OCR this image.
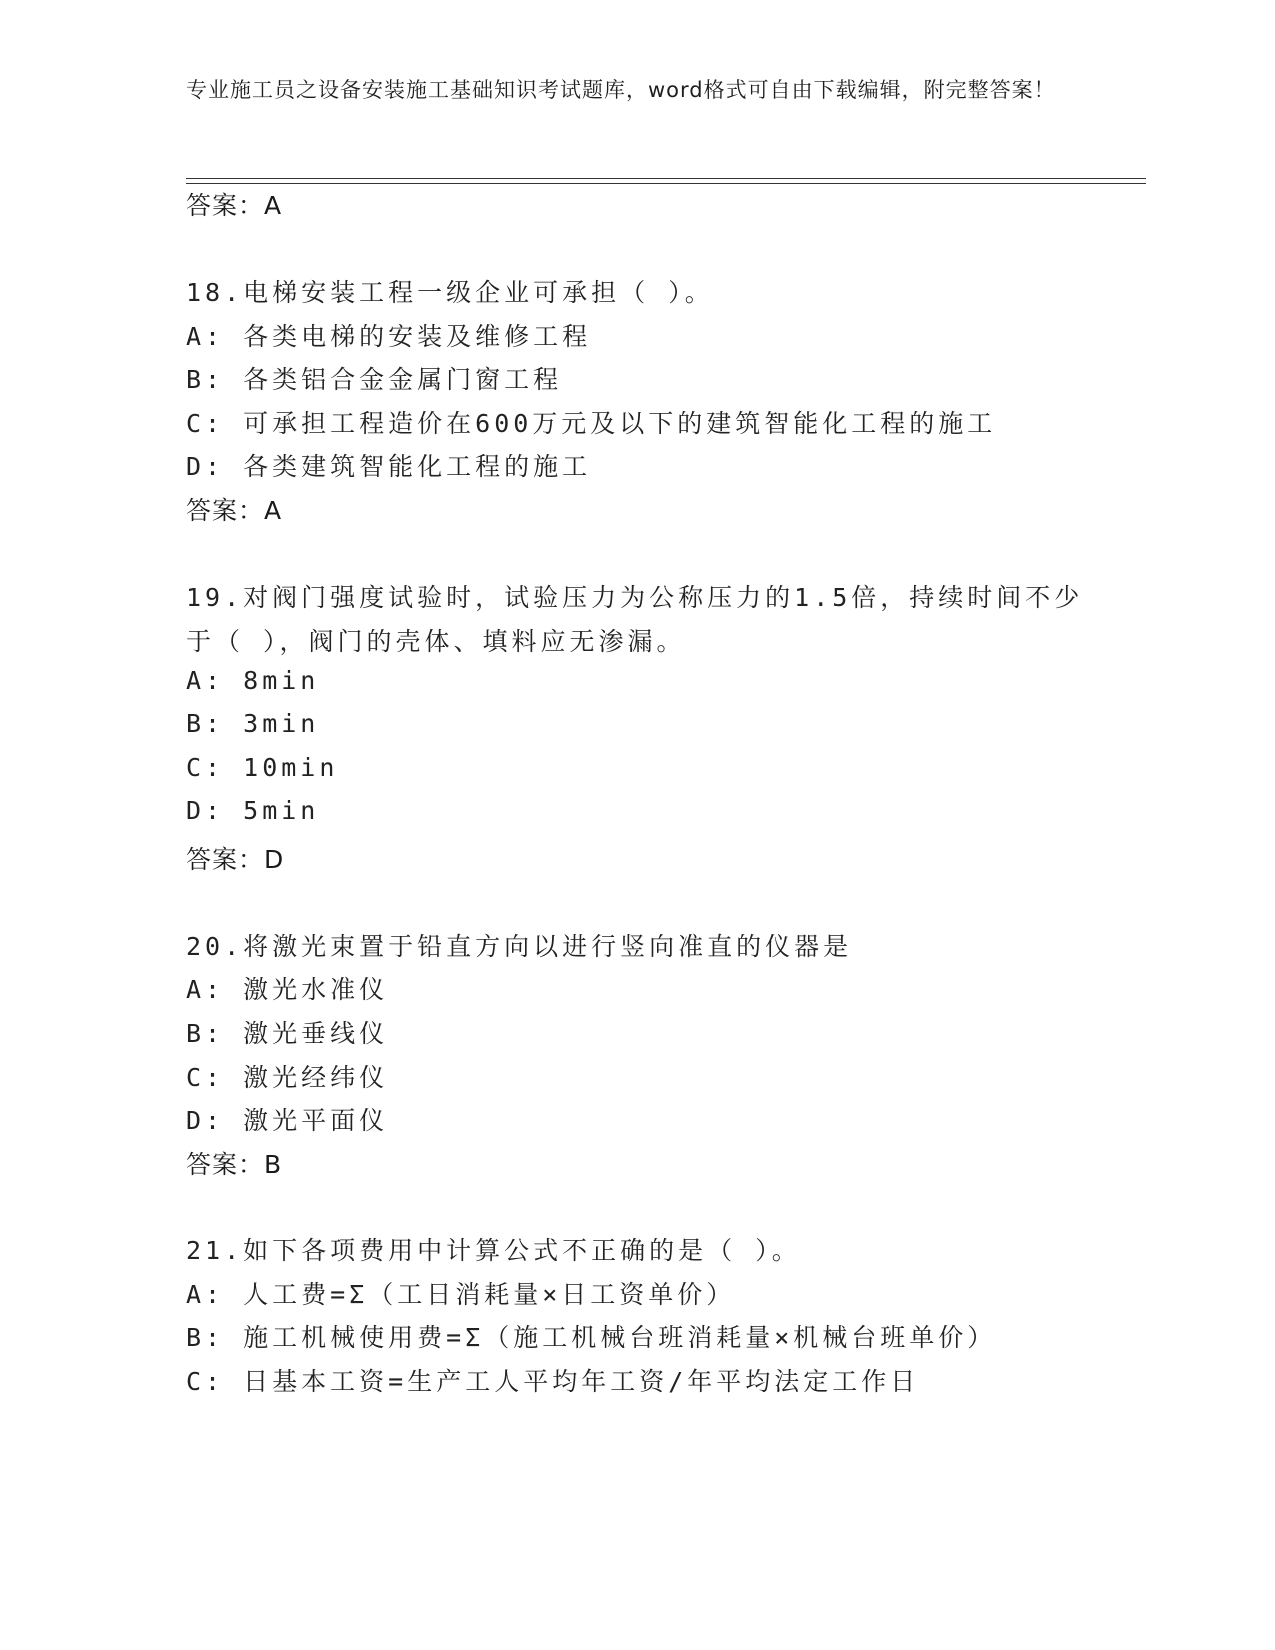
专业施工员之设备安装施工基础知识考试题库，word格式可自由下载编辑，附完整答案！
答案：A
18.电梯安装工程一级企业可承担（ ）。
A: 各类电梯的安装及维修工程
B: 各类铝合金金属门窗工程
C: 可承担工程造价在600万元及以下的建筑智能化工程的施工
D: 各类建筑智能化工程的施工
答案：A
19.对阀门强度试验时，试验压力为公称压力的1.5倍，持续时间不少
于（ ），阀门的壳体、填料应无渗漏。
A: 8min
B: 3min
C: 10min
D: 5min
答案：D
20.将激光束置于铅直方向以进行竖向准直的仪器是
A: 激光水准仪
B: 激光垂线仪
C: 激光经纬仪
D: 激光平面仪
答案：B
21.如下各项费用中计算公式不正确的是（ ）。
A: 人工费=Σ（工日消耗量×日工资单价）
B: 施工机械使用费=Σ（施工机械台班消耗量×机械台班单价）
C: 日基本工资=生产工人平均年工资/年平均法定工作日
